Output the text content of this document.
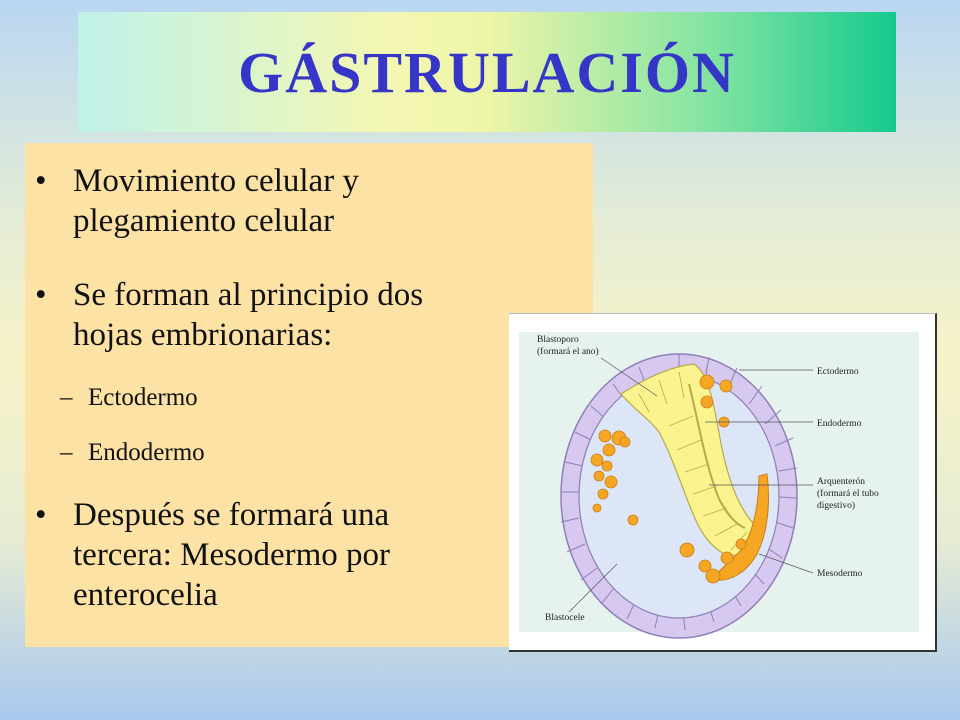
GÁSTRULACIÓN
• Movimiento celular y
plegamiento celular
• Se forman al principio dos
hojas embrionarias:
– Ectodermo
– Endodermo
• Después se formará una
tercera: Mesodermo por
enterocelia
Blastoporo
(formará el ano)
Ectodermo
Endodermo
Arquenterón
(formará el tubo
digestivo)
Mesodermo
Blastocele
